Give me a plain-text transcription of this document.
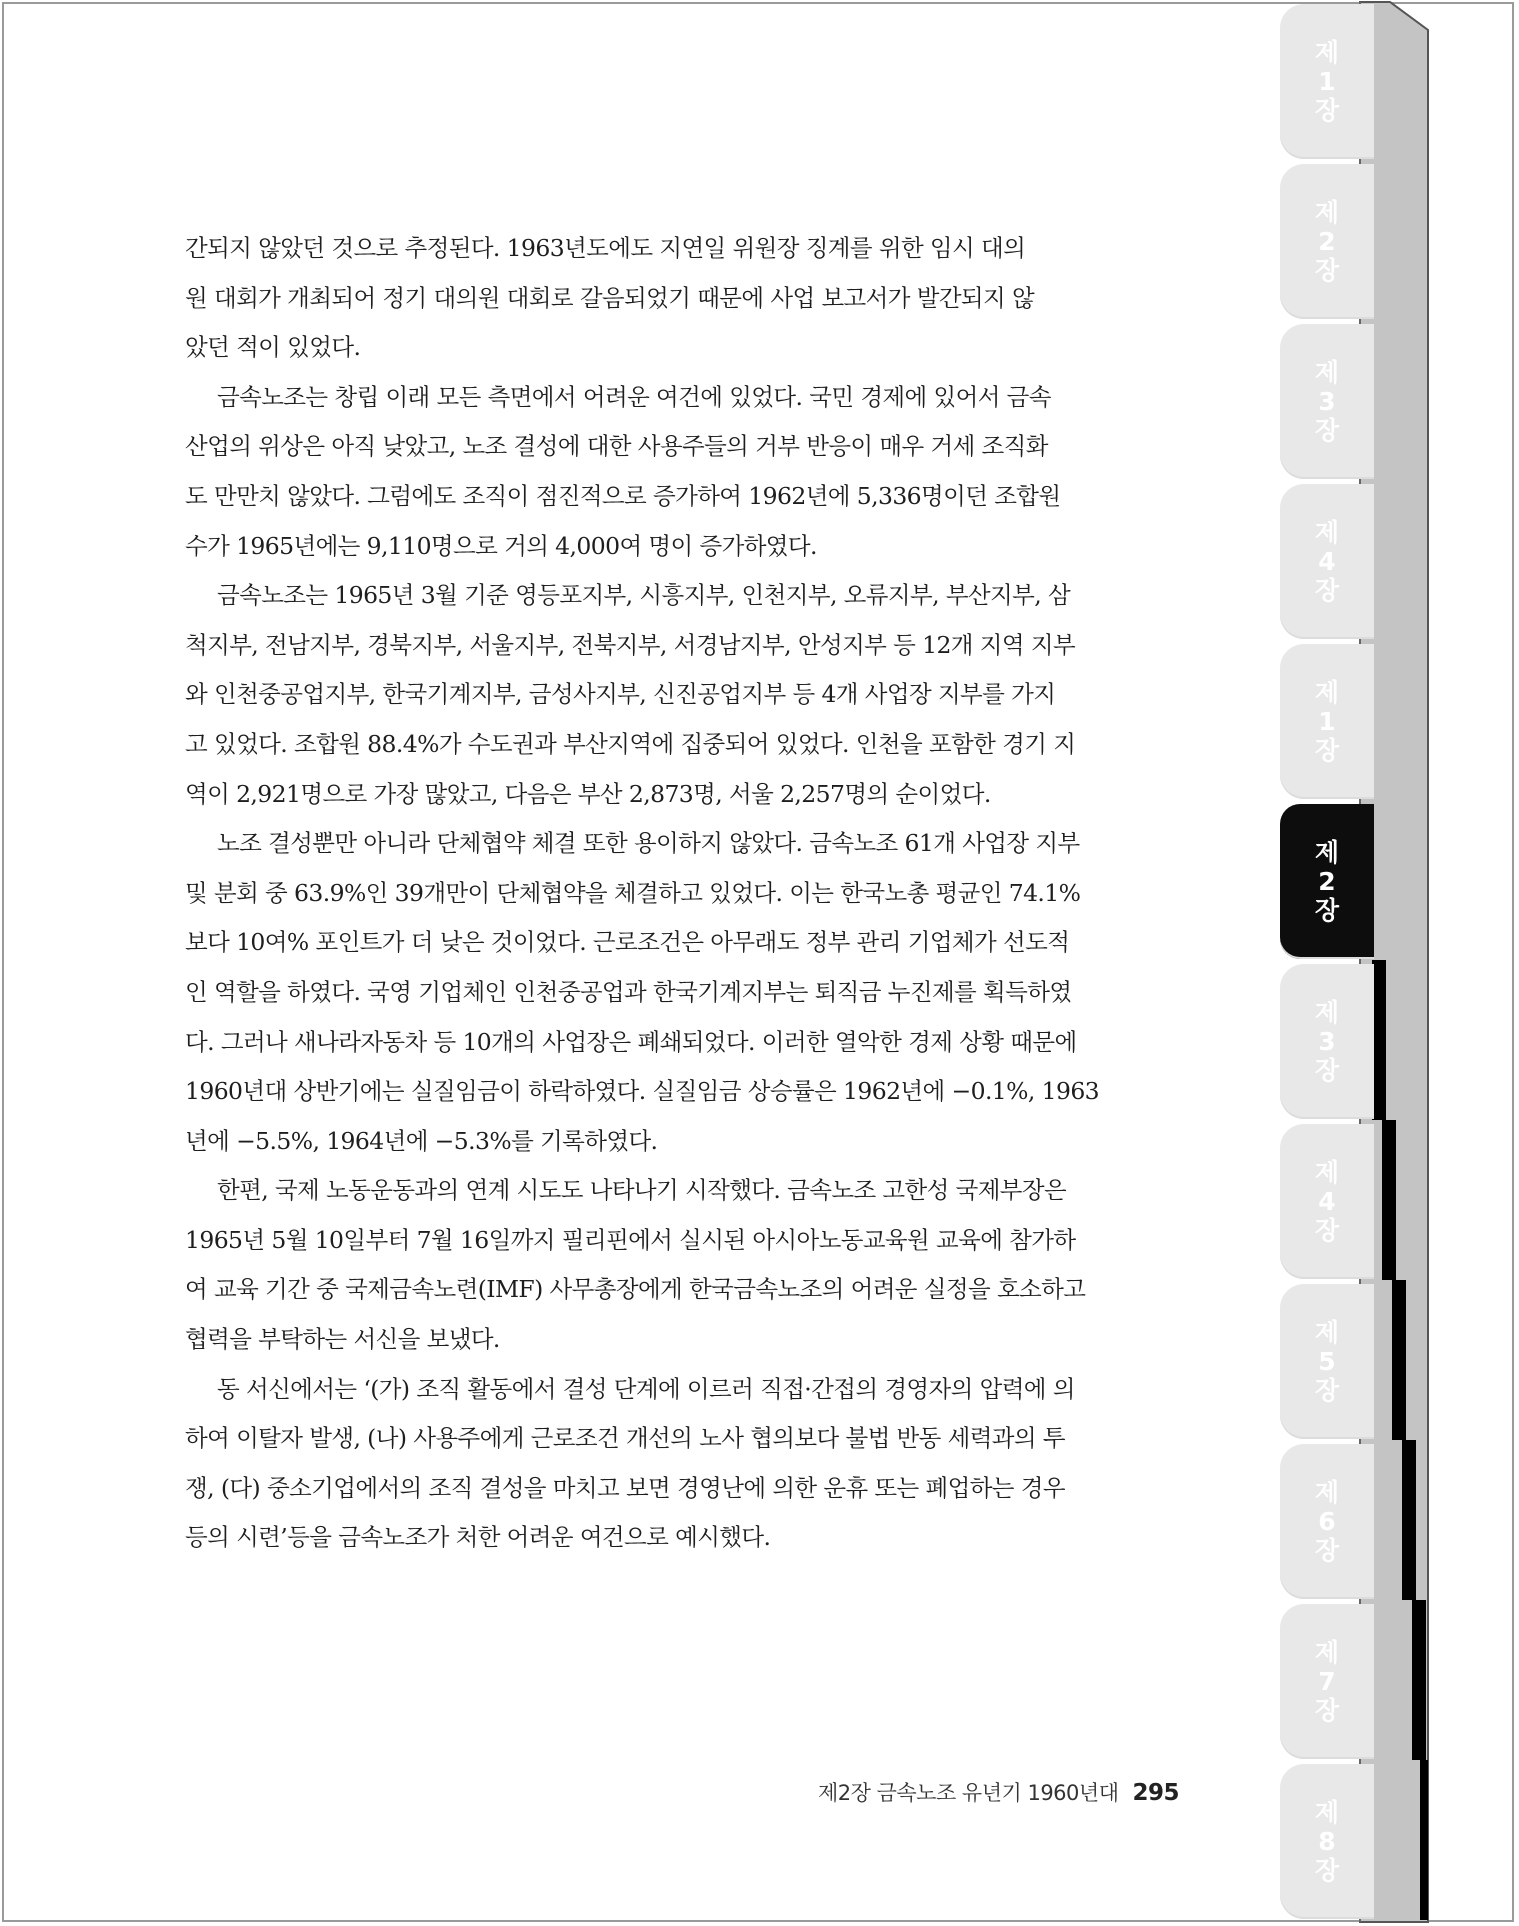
제
1
장
제
2
장
제
3
장
제
4
장
제
1
장
제
2
장
제
3
장
제
4
장
제
5
장
제
6
장
제
7
장
제
8
장
간되지 않았던 것으로 추정된다. 1963년도에도 지연일 위원장 징계를 위한 임시 대의
원 대회가 개최되어 정기 대의원 대회로 갈음되었기 때문에 사업 보고서가 발간되지 않
았던 적이 있었다.
금속노조는 창립 이래 모든 측면에서 어려운 여건에 있었다. 국민 경제에 있어서 금속
산업의 위상은 아직 낮았고, 노조 결성에 대한 사용주들의 거부 반응이 매우 거세 조직화
도 만만치 않았다. 그럼에도 조직이 점진적으로 증가하여 1962년에 5,336명이던 조합원
수가 1965년에는 9,110명으로 거의 4,000여 명이 증가하였다.
금속노조는 1965년 3월 기준 영등포지부, 시흥지부, 인천지부, 오류지부, 부산지부, 삼
척지부, 전남지부, 경북지부, 서울지부, 전북지부, 서경남지부, 안성지부 등 12개 지역 지부
와 인천중공업지부, 한국기계지부, 금성사지부, 신진공업지부 등 4개 사업장 지부를 가지
고 있었다. 조합원 88.4%가 수도권과 부산지역에 집중되어 있었다. 인천을 포함한 경기 지
역이 2,921명으로 가장 많았고, 다음은 부산 2,873명, 서울 2,257명의 순이었다.
노조 결성뿐만 아니라 단체협약 체결 또한 용이하지 않았다. 금속노조 61개 사업장 지부
및 분회 중 63.9%인 39개만이 단체협약을 체결하고 있었다. 이는 한국노총 평균인 74.1%
보다 10여% 포인트가 더 낮은 것이었다. 근로조건은 아무래도 정부 관리 기업체가 선도적
인 역할을 하였다. 국영 기업체인 인천중공업과 한국기계지부는 퇴직금 누진제를 획득하였
다. 그러나 새나라자동차 등 10개의 사업장은 폐쇄되었다. 이러한 열악한 경제 상황 때문에
1960년대 상반기에는 실질임금이 하락하였다. 실질임금 상승률은 1962년에 −0.1%, 1963
년에 −5.5%, 1964년에 −5.3%를 기록하였다.
한편, 국제 노동운동과의 연계 시도도 나타나기 시작했다. 금속노조 고한성 국제부장은
1965년 5월 10일부터 7월 16일까지 필리핀에서 실시된 아시아노동교육원 교육에 참가하
여 교육 기간 중 국제금속노련(IMF) 사무총장에게 한국금속노조의 어려운 실정을 호소하고
협력을 부탁하는 서신을 보냈다.
동 서신에서는 ‘(가) 조직 활동에서 결성 단계에 이르러 직접·간접의 경영자의 압력에 의
하여 이탈자 발생, (나) 사용주에게 근로조건 개선의 노사 협의보다 불법 반동 세력과의 투
쟁, (다) 중소기업에서의 조직 결성을 마치고 보면 경영난에 의한 운휴 또는 폐업하는 경우
등의 시련’등을 금속노조가 처한 어려운 여건으로 예시했다.
제2장 금속노조 유년기 1960년대 295
